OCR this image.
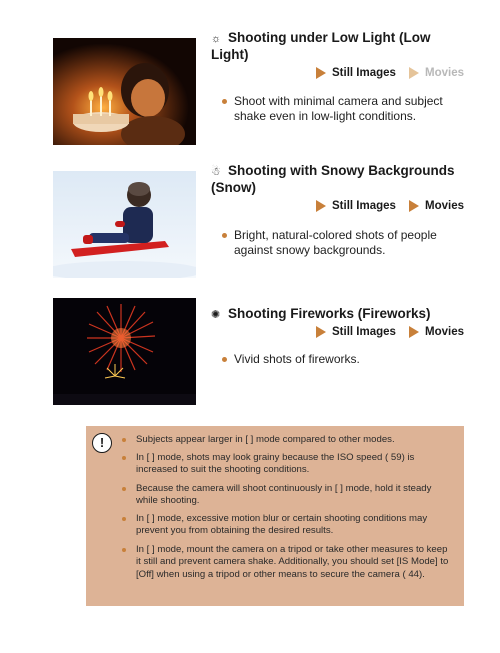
☼ Shooting under Low Light (Low Light)
Still Images	Movies
Shoot with minimal camera and subject shake even in low-light conditions.
☃ Shooting with Snowy Backgrounds (Snow)
Still Images	Movies
Bright, natural-colored shots of people against snowy backgrounds.
✺ Shooting Fireworks (Fireworks)
Still Images	Movies
Vivid shots of fireworks.
!	Subjects appear larger in [ ] mode compared to other modes.
In [ ] mode, shots may look grainy because the ISO speed ( 59) is increased to suit the shooting conditions.
Because the camera will shoot continuously in [ ] mode, hold it steady while shooting.
In [ ] mode, excessive motion blur or certain shooting conditions may prevent you from obtaining the desired results.
In [ ] mode, mount the camera on a tripod or take other measures to keep it still and prevent camera shake. Additionally, you should set [IS Mode] to [Off] when using a tripod or other means to secure the camera ( 44).
